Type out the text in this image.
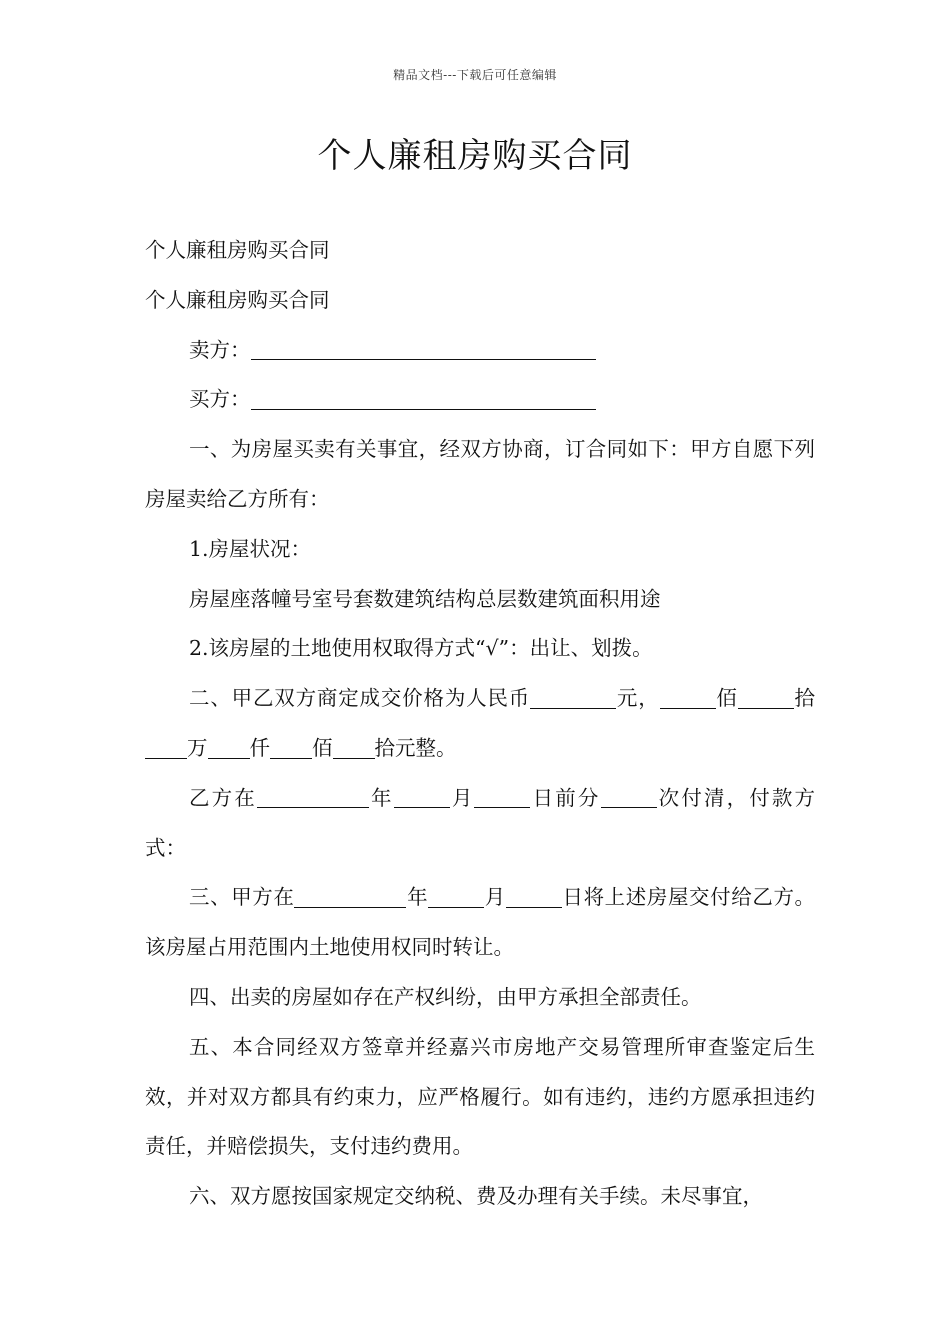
精品文档---下载后可任意编辑
个人廉租房购买合同

个人廉租房购买合同

个人廉租房购买合同

卖方：

买方：

一、为房屋买卖有关事宜，经双方协商，订合同如下：甲方自愿下列房屋卖给乙方所有：

1.房屋状况：

房屋座落幢号室号套数建筑结构总层数建筑面积用途

2.该房屋的土地使用权取得方式“√”：出让、划拨。

二、甲乙双方商定成交价格为人民币	元，	佰	拾万 仟 佰 拾元整。

乙方在	年	月	日前分	次付清，付款方式：

三、甲方在	年	月	日将上述房屋交付给乙方。该房屋占用范围内土地使用权同时转让。

四、出卖的房屋如存在产权纠纷，由甲方承担全部责任。

五、本合同经双方签章并经嘉兴市房地产交易管理所审查鉴定后生效，并对双方都具有约束力，应严格履行。如有违约，违约方愿承担违约责任，并赔偿损失，支付违约费用。

六、双方愿按国家规定交纳税、费及办理有关手续。未尽事宜，
